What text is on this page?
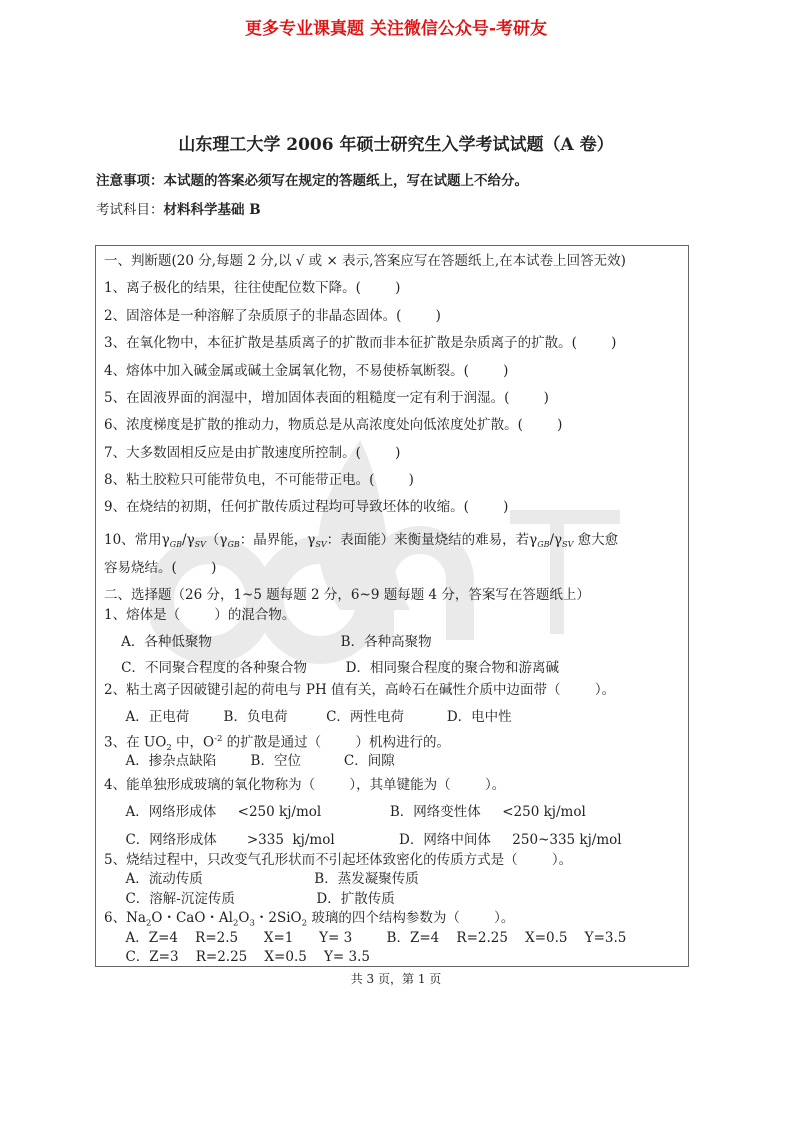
更多专业课真题 关注微信公众号-考研友
山东理工大学 2006 年硕士研究生入学考试试题（A 卷）
注意事项：本试题的答案必须写在规定的答题纸上，写在试题上不给分。
考试科目：材料科学基础 B
一、判断题(20 分,每题 2 分,以 √ 或 × 表示,答案应写在答题纸上,在本试卷上回答无效)
1、离子极化的结果，往往使配位数下降。(        )
2、固溶体是一种溶解了杂质原子的非晶态固体。(        )
3、在氧化物中，本征扩散是基质离子的扩散而非本征扩散是杂质离子的扩散。(        )
4、熔体中加入碱金属或碱土金属氧化物，不易使桥氧断裂。(        )
5、在固液界面的润湿中，增加固体表面的粗糙度一定有利于润湿。(        )
6、浓度梯度是扩散的推动力，物质总是从高浓度处向低浓度处扩散。(        )
7、大多数固相反应是由扩散速度所控制。(        )
8、粘土胶粒只可能带负电，不可能带正电。(        )
9、在烧结的初期，任何扩散传质过程均可导致坯体的收缩。(        )
10、常用$\gamma_{GB}/\gamma_{SV}(\gamma_{GB}$：晶界能，$\gamma_{SV}$：表面能）来衡量烧结的难易，若$\gamma_{GB}/\gamma_{SV}$ 愈大愈
容易烧结。(        )
二、选择题（26 分，1~5 题每题 2 分，6~9 题每题 4 分，答案写在答题纸上）
1、熔体是（        ）的混合物。
A．各种低聚物                              B．各种高聚物
C．不同聚合程度的各种聚合物         D．相同聚合程度的聚合物和游离碱
2、粘土离子因破键引起的荷电与 PH 值有关，高岭石在碱性介质中边面带（        ）。
A．正电荷        B．负电荷         C．两性电荷          D．电中性
3、在 $UO_2$ 中，$O^{-2}$ 的扩散是通过（        ）机构进行的。
A．掺杂点缺陷        B．空位          C．间隙
4、能单独形成玻璃的氧化物称为（        ），其单键能为（        ）。
A．网络形成体     <250 kj/mol                B．网络变性体     <250 kj/mol
C．网络形成体       >335  kj/mol               D．网络中间体     250~335 kj/mol
5、烧结过程中，只改变气孔形状而不引起坯体致密化的传质方式是（        ）。
A．流动传质                          B．蒸发凝聚传质
C．溶解-沉淀传质                   D．扩散传质
6、$Na_2O$・CaO・$Al_2O_3$・2SiO$_2$ 玻璃的四个结构参数为（        ）。
A．Z=4    R=2.5      X=1      Y= 3        B．Z=4    R=2.25    X=0.5    Y=3.5
C．Z=3    R=2.25    X=0.5    Y= 3.5
共 3 页，第 1 页
